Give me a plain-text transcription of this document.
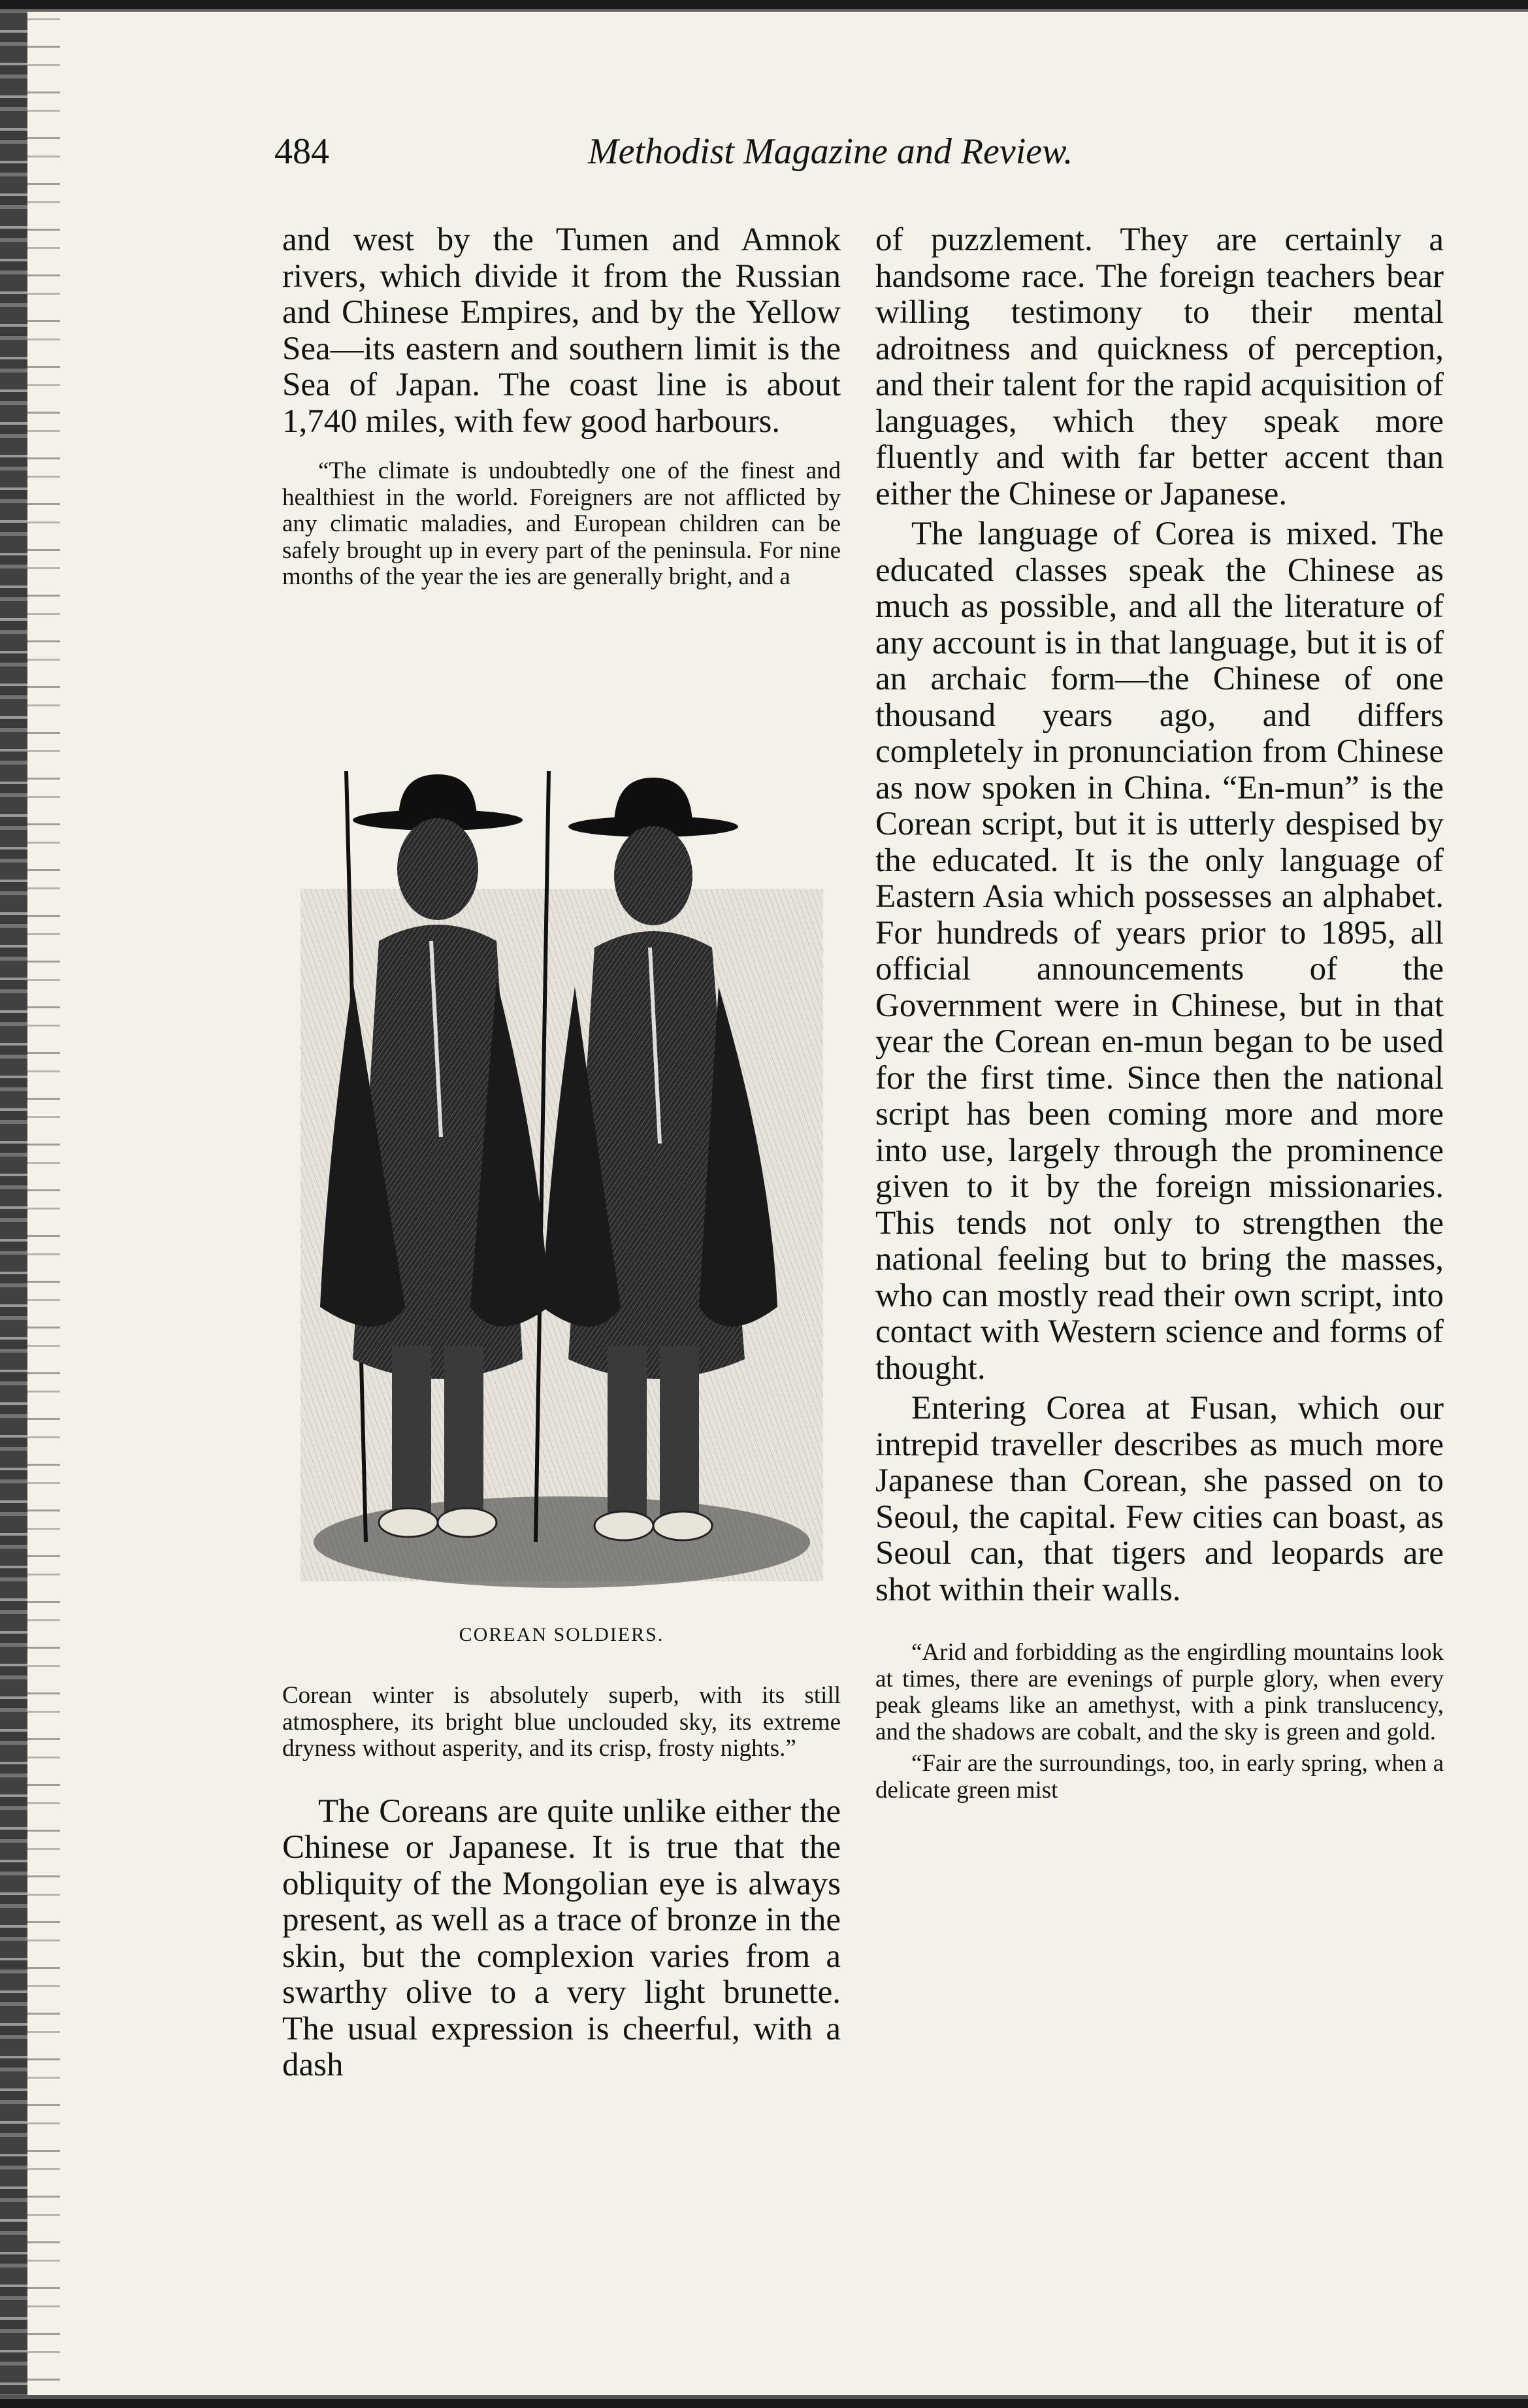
484	Methodist Magazine and Review.

and west by the Tumen and Amnok rivers, which divide it from the Russian and Chinese Empires, and by the Yellow Sea—its eastern and southern limit is the Sea of Japan. The coast line is about 1,740 miles, with few good harbours.

“The climate is undoubtedly one of the finest and healthiest in the world. Foreigners are not afflicted by any climatic maladies, and European children can be safely brought up in every part of the peninsula. For nine months of the year the ies are generally bright, and a

COREAN SOLDIERS.

Corean winter is absolutely superb, with its still atmosphere, its bright blue unclouded sky, its extreme dryness without asperity, and its crisp, frosty nights.”

The Coreans are quite unlike either the Chinese or Japanese. It is true that the obliquity of the Mongolian eye is always present, as well as a trace of bronze in the skin, but the complexion varies from a swarthy olive to a very light brunette. The usual expression is cheerful, with a dash

of puzzlement. They are certainly a handsome race. The foreign teachers bear willing testimony to their mental adroitness and quickness of perception, and their talent for the rapid acquisition of languages, which they speak more fluently and with far better accent than either the Chinese or Japanese.

The language of Corea is mixed. The educated classes speak the Chinese as much as possible, and all the literature of any account is in that language, but it is of an archaic form—the Chinese of one thousand years ago, and differs completely in pronunciation from Chinese as now spoken in China. “En-mun” is the Corean script, but it is utterly despised by the educated. It is the only language of Eastern Asia which possesses an alphabet. For hundreds of years prior to 1895, all official announcements of the Government were in Chinese, but in that year the Corean en-mun began to be used for the first time. Since then the national script has been coming more and more into use, largely through the prominence given to it by the foreign missionaries. This tends not only to strengthen the national feeling but to bring the masses, who can mostly read their own script, into contact with Western science and forms of thought.

Entering Corea at Fusan, which our intrepid traveller describes as much more Japanese than Corean, she passed on to Seoul, the capital. Few cities can boast, as Seoul can, that tigers and leopards are shot within their walls.

“Arid and forbidding as the engirdling mountains look at times, there are evenings of purple glory, when every peak gleams like an amethyst, with a pink translucency, and the shadows are cobalt, and the sky is green and gold.

“Fair are the surroundings, too, in early spring, when a delicate green mist
